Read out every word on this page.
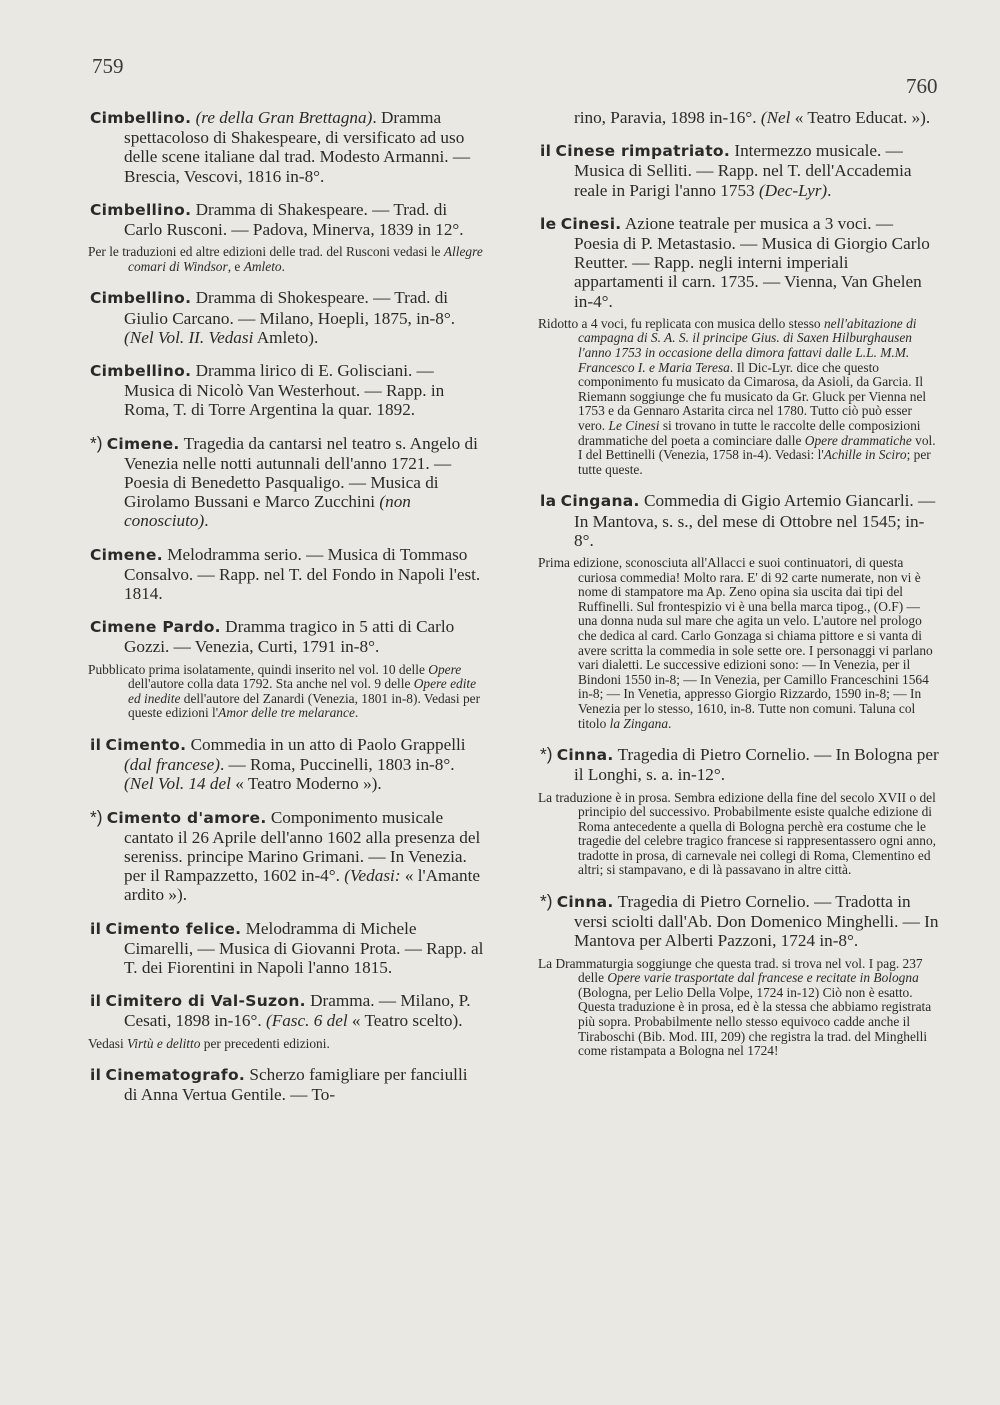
759
760
Cimbellino. (re della Gran Brettagna). Dramma spettacoloso di Shakespeare, di versificato ad uso delle scene italiane dal trad. Modesto Armanni. — Brescia, Vescovi, 1816 in-8°.
Cimbellino. Dramma di Shakespeare. — Trad. di Carlo Rusconi. — Padova, Minerva, 1839 in 12°.
Per le traduzioni ed altre edizioni delle trad. del Rusconi vedasi le Allegre comari di Windsor, e Amleto.
Cimbellino. Dramma di Shokespeare. — Trad. di Giulio Carcano. — Milano, Hoepli, 1875, in-8°. (Nel Vol. II. Vedasi Amleto).
Cimbellino. Dramma lirico di E. Golisciani. — Musica di Nicolò Van Westerhout. — Rapp. in Roma, T. di Torre Argentina la quar. 1892.
*) Cimene. Tragedia da cantarsi nel teatro s. Angelo di Venezia nelle notti autunnali dell'anno 1721. — Poesia di Benedetto Pasqualigo. — Musica di Girolamo Bussani e Marco Zucchini (non conosciuto).
Cimene. Melodramma serio. — Musica di Tommaso Consalvo. — Rapp. nel T. del Fondo in Napoli l'est. 1814.
Cimene Pardo. Dramma tragico in 5 atti di Carlo Gozzi. — Venezia, Curti, 1791 in-8°.
Pubblicato prima isolatamente, quindi inserito nel vol. 10 delle Opere dell'autore colla data 1792. Sta anche nel vol. 9 delle Opere edite ed inedite dell'autore del Zanardi (Venezia, 1801 in-8). Vedasi per queste edizioni l'Amor delle tre melarance.
il Cimento. Commedia in un atto di Paolo Grappelli (dal francese). — Roma, Puccinelli, 1803 in-8°. (Nel Vol. 14 del « Teatro Moderno »).
*) Cimento d'amore. Componimento musicale cantato il 26 Aprile dell'anno 1602 alla presenza del sereniss. principe Marino Grimani. — In Venezia. per il Rampazzetto, 1602 in-4°. (Vedasi: « l'Amante ardito »).
il Cimento felice. Melodramma di Michele Cimarelli, — Musica di Giovanni Prota. — Rapp. al T. dei Fiorentini in Napoli l'anno 1815.
il Cimitero di Val-Suzon. Dramma. — Milano, P. Cesati, 1898 in-16°. (Fasc. 6 del « Teatro scelto).
Vedasi Virtù e delitto per precedenti edizioni.
il Cinematografo. Scherzo famigliare per fanciulli di Anna Vertua Gentile. — To-
rino, Paravia, 1898 in-16°. (Nel « Teatro Educat. »).
il Cinese rimpatriato. Intermezzo musicale. — Musica di Selliti. — Rapp. nel T. dell'Accademia reale in Parigi l'anno 1753 (Dec-Lyr).
le Cinesi. Azione teatrale per musica a 3 voci. — Poesia di P. Metastasio. — Musica di Giorgio Carlo Reutter. — Rapp. negli interni imperiali appartamenti il carn. 1735. — Vienna, Van Ghelen in-4°.
Ridotto a 4 voci, fu replicata con musica dello stesso nell'abitazione di campagna di S. A. S. il principe Gius. di Saxen Hilburghausen l'anno 1753 in occasione della dimora fattavi dalle L.L. M.M. Francesco I. e Maria Teresa. Il Dic-Lyr. dice che questo componimento fu musicato da Cimarosa, da Asioli, da Garcia. Il Riemann soggiunge che fu musicato da Gr. Gluck per Vienna nel 1753 e da Gennaro Astarita circa nel 1780. Tutto ciò può esser vero. Le Cinesi si trovano in tutte le raccolte delle composizioni drammatiche del poeta a cominciare dalle Opere drammatiche vol. I del Bettinelli (Venezia, 1758 in-4). Vedasi: l'Achille in Sciro; per tutte queste.
la Cingana. Commedia di Gigio Artemio Giancarli. — In Mantova, s. s., del mese di Ottobre nel 1545; in-8°.
Prima edizione, sconosciuta all'Allacci e suoi continuatori, di questa curiosa commedia! Molto rara. E' di 92 carte numerate, non vi è nome di stampatore ma Ap. Zeno opina sia uscita dai tipi del Ruffinelli. Sul frontespizio vi è una bella marca tipog., (O.F) — una donna nuda sul mare che agita un velo. L'autore nel prologo che dedica al card. Carlo Gonzaga si chiama pittore e si vanta di avere scritta la commedia in sole sette ore. I personaggi vi parlano vari dialetti. Le successive edizioni sono: — In Venezia, per il Bindoni 1550 in-8; — In Venezia, per Camillo Franceschini 1564 in-8; — In Venetia, appresso Giorgio Rizzardo, 1590 in-8; — In Venezia per lo stesso, 1610, in-8. Tutte non comuni. Taluna col titolo la Zingana.
*) Cinna. Tragedia di Pietro Cornelio. — In Bologna per il Longhi, s. a. in-12°.
La traduzione è in prosa. Sembra edizione della fine del secolo XVII o del principio del successivo. Probabilmente esiste qualche edizione di Roma antecedente a quella di Bologna perchè era costume che le tragedie del celebre tragico francese si rappresentassero ogni anno, tradotte in prosa, di carnevale nei collegi di Roma, Clementino ed altri; si stampavano, e di là passavano in altre città.
*) Cinna. Tragedia di Pietro Cornelio. — Tradotta in versi sciolti dall'Ab. Don Domenico Minghelli. — In Mantova per Alberti Pazzoni, 1724 in-8°.
La Drammaturgia soggiunge che questa trad. si trova nel vol. I pag. 237 delle Opere varie trasportate dal francese e recitate in Bologna (Bologna, per Lelio Della Volpe, 1724 in-12) Ciò non è esatto. Questa traduzione è in prosa, ed è la stessa che abbiamo registrata più sopra. Probabilmente nello stesso equivoco cadde anche il Tiraboschi (Bib. Mod. III, 209) che registra la trad. del Minghelli come ristampata a Bologna nel 1724!
